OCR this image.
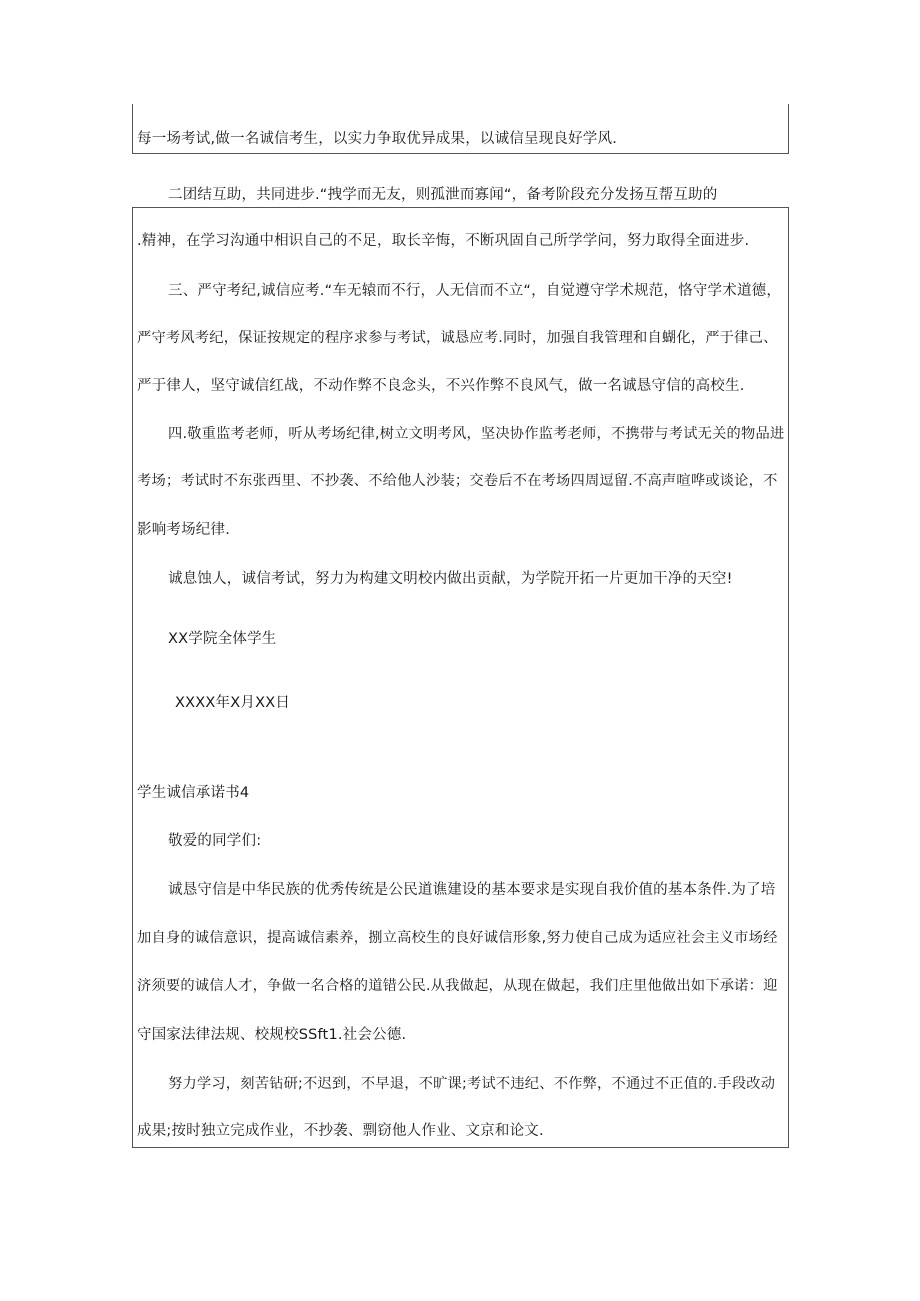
每一场考试,做一名诚信考生，以实力争取优异成果，以诚信呈现良好学风.
二团结互助，共同进步.“拽学而无友，则孤泄而寡闻“，备考阶段充分发扬互帮互助的
.精神，在学习沟通中相识自己的不足，取长辛悔，不断巩固自己所学学问，努力取得全面进步.
三、严守考纪,诚信应考.“车无辕而不行，人无信而不立“，自觉遵守学术规范，恪守学术道德，
严守考风考纪，保证按规定的程序求参与考试，诚恳应考.同时，加强自我管理和自蝴化，严于律己、
严于律人，坚守诚信红战，不动作弊不良念头，不兴作弊不良风气，做一名诚恳守信的高校生.
四.敬重监考老师，听从考场纪律,树立文明考风，坚决协作监考老师，不携带与考试无关的物品进
考场；考试时不东张西里、不抄袭、不给他人沙装；交卷后不在考场四周逗留.不高声喧哗或谈论，不
影响考场纪律.
诚息蚀人，诚信考试，努力为构建文明校内做出贡献，为学院开拓一片更加干净的天空!
XX学院全体学生
XXXX年X月XX日
学生诚信承诺书4
敬爱的同学们:
诚恳守信是中华民族的优秀传统是公民道谯建设的基本要求是实现自我价值的基本条件.为了培
加自身的诚信意识，提高诚信素养，捌立高校生的良好诚信形象,努力使自己成为适应社会主义市场经
济须要的诚信人才，争做一名合格的道错公民.从我做起，从现在做起，我们庄里他做出如下承诺：迎
守国家法律法规、校规校SSft1.社会公德.
努力学习，刻苦钻研;不迟到，不早退，不旷课;考试不违纪、不作弊，不通过不正值的.手段改动
成果;按时独立完成作业，不抄袭、剽窃他人作业、文京和论文.
